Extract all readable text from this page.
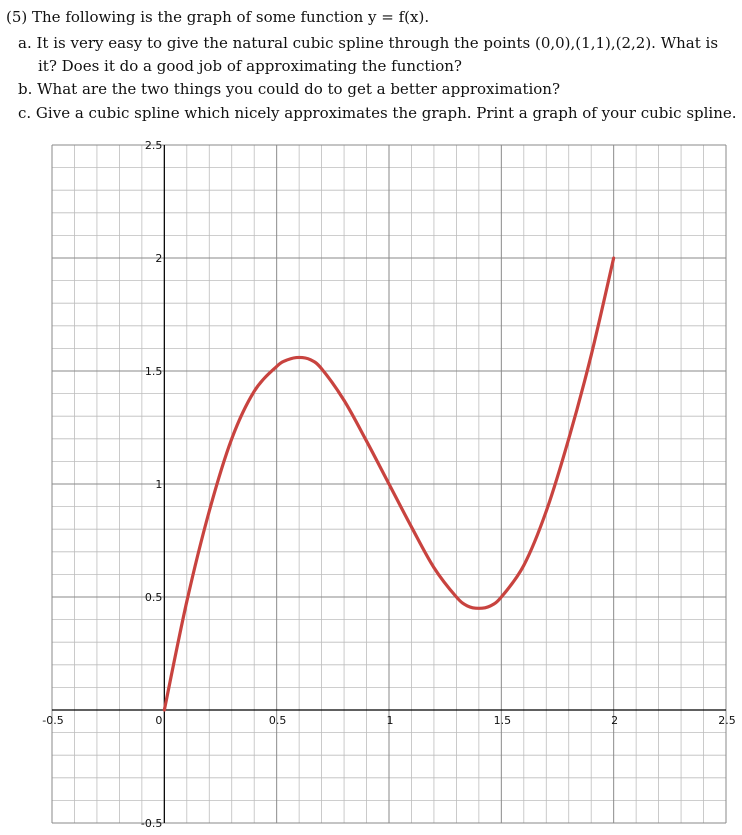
(5) The following is the graph of some function y = f(x).
a. It is very easy to give the natural cubic spline through the points (0,0),(1,1),(2,2). What is
it? Does it do a good job of approximating the function?
b. What are the two things you could do to get a better approximation?
c. Give a cubic spline which nicely approximates the graph. Print a graph of your cubic spline.
-0.5	0	0.5	1	1.5	2	2.5
2.5
2
1.5
1
0.5
-0.5
